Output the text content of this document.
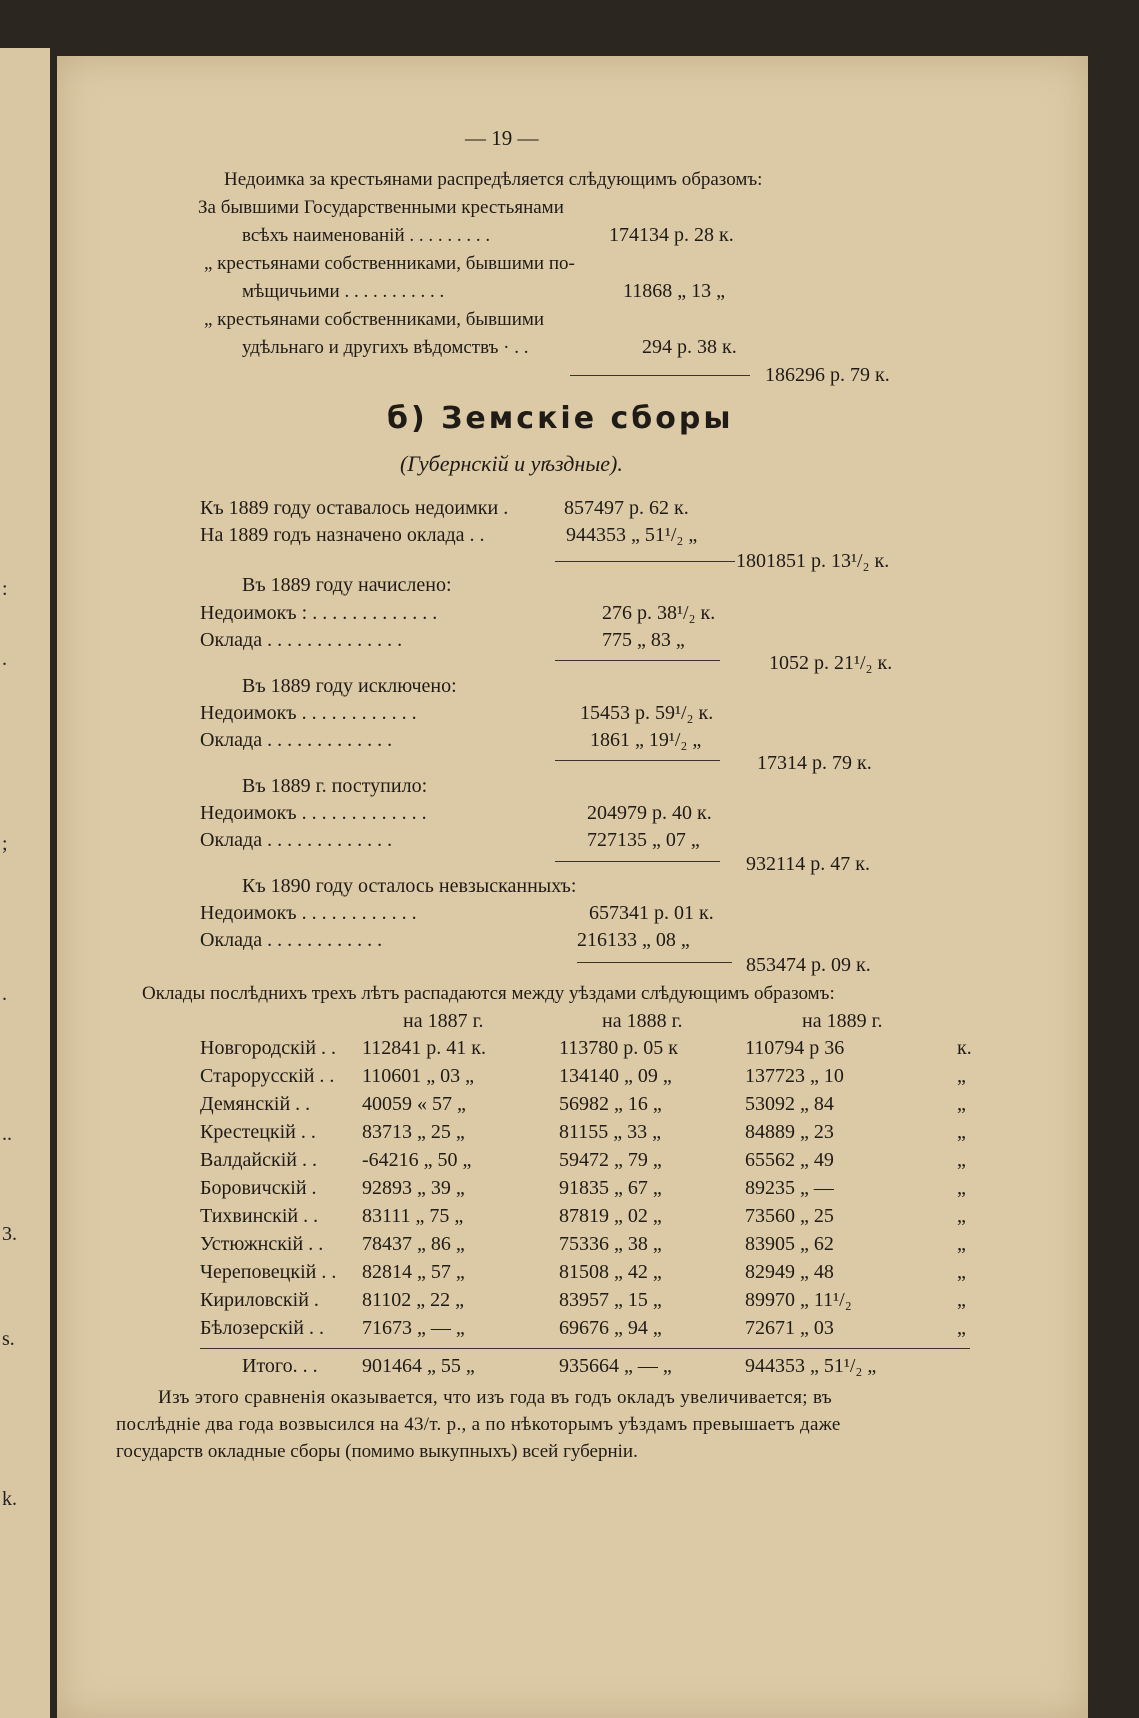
:
.
;
.
..
3.
s.
k.
— 19 —
Недоимка за крестьянами распредѣляется слѣдующимъ образомъ:
За бывшими Государственными крестьянами
всѣхъ наименованій . . . . . . . . .	174134 р. 28 к.
„ крестьянами собственниками, бывшими по-
мѣщичьими . . . . . . . . . . .	11868 „ 13 „
„ крестьянами собственниками, бывшими
удѣльнаго и другихъ вѣдомствъ · . .	294 р. 38 к.
186296 р. 79 к.
б) Земскіе сборы
(Губернскій и уѣздные).
Къ 1889 году оставалось недоимки .	857497 р. 62 к.
На 1889 годъ назначено оклада . .	944353 „ 51¹/₂ „
1801851 р. 13¹/₂ к.
Въ 1889 году начислено:
Недоимокъ : . . . . . . . . . . . . .	276 р. 38¹/₂ к.
Оклада . . . . . . . . . . . . . .	775 „ 83 „
1052 р. 21¹/₂ к.
Въ 1889 году исключено:
Недоимокъ . . . . . . . . . . . .	15453 р. 59¹/₂ к.
Оклада . . . . . . . . . . . . .	1861 „ 19¹/₂ „
17314 р. 79 к.
Въ 1889 г. поступило:
Недоимокъ . . . . . . . . . . . . .	204979 р. 40 к.
Оклада . . . . . . . . . . . . .	727135 „ 07 „
932114 р. 47 к.
Къ 1890 году осталось невзысканныхъ:
Недоимокъ . . . . . . . . . . . .	657341 р. 01 к.
Оклада . . . . . . . . . . . .	216133 „ 08 „
853474 р. 09 к.
Оклады послѣднихъ трехъ лѣтъ распадаются между уѣздами слѣдующимъ образомъ:
на 1887 г.	на 1888 г.	на 1889 г.
Итого. . . 901464 „ 55 „	935664 „ — „	944353 „ 51¹/₂ „
Изъ этого сравненія оказывается, что изъ года въ годъ окладъ увеличивается; въ
послѣдніе два года возвысился на 43/т. р., а по нѣкоторымъ уѣздамъ превышаетъ даже
государств окладные сборы (помимо выкупныхъ) всей губерніи.
Новгородскій . . 112841 р. 41 к.	113780 р. 05 к	110794 р 36	к.
Старорусскій . . 110601 „ 03 „	134140 „ 09 „	137723 „ 10	„
Демянскій . .	40059 « 57 „	56982 „ 16 „	53092 „ 84	„
Крестецкій . . 83713 „ 25 „	81155 „ 33 „	84889 „ 23	„
Валдайскій . . -64216 „ 50 „	59472 „ 79 „	65562 „ 49	„
Боровичскій . 92893 „ 39 „	91835 „ 67 „	89235 „ —	„
Тихвинскій . . 83111 „ 75 „	87819 „ 02 „	73560 „ 25	„
Устюжнскій . . 78437 „ 86 „	75336 „ 38 „	83905 „ 62	„
Череповецкій . . 82814 „ 57 „	81508 „ 42 „	82949 „ 48	„
Кириловскій . 81102 „ 22 „	83957 „ 15 „	89970 „ 11¹/₂	„
Бѣлозерскій . . 71673 „ — „	69676 „ 94 „	72671 „ 03	„
